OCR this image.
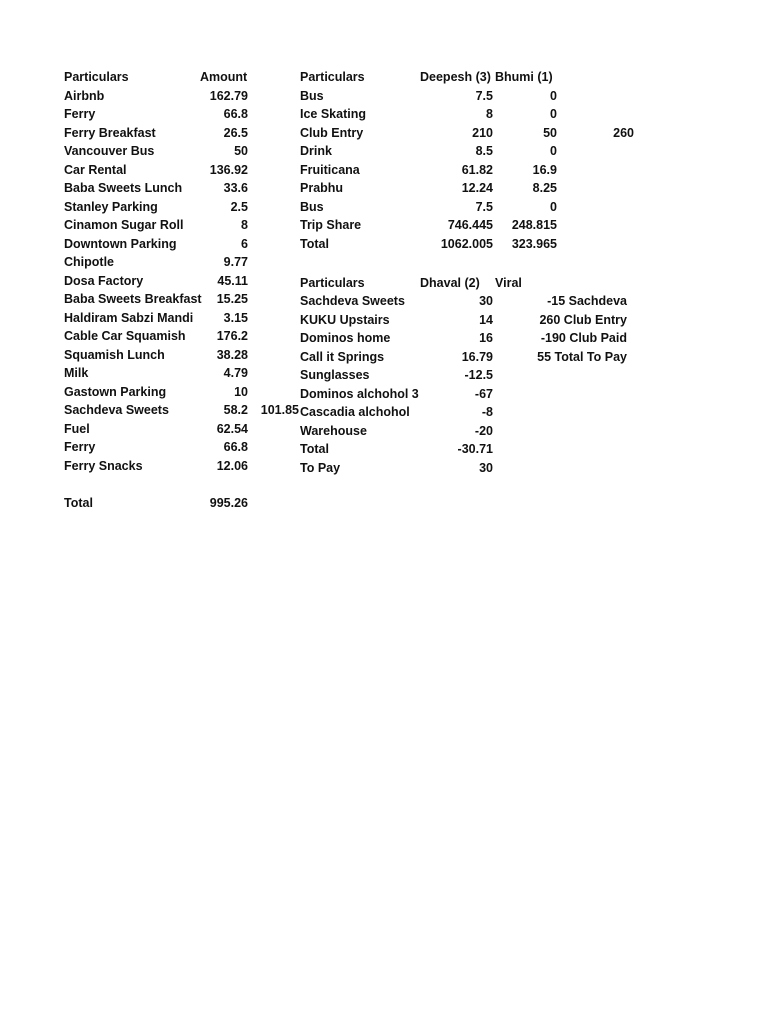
Particulars	Amount
Airbnb	162.79
Ferry	66.8
Ferry Breakfast	26.5
Vancouver Bus	50
Car Rental	136.92
Baba Sweets Lunch	33.6
Stanley Parking	2.5
Cinamon Sugar Roll	8
Downtown Parking	6
Chipotle	9.77
Dosa Factory	45.11
Baba Sweets Breakfast	15.25
Haldiram Sabzi Mandi	3.15
Cable Car Squamish	176.2
Squamish Lunch	38.28
Milk	4.79
Gastown Parking	10
Sachdeva Sweets	58.2	101.85
Fuel	62.54
Ferry	66.8
Ferry Snacks	12.06
Total	995.26
Particulars	Deepesh (3) Bhumi (1)
Bus	7.5	0
Ice Skating	8	0
Club Entry	210	50	260
Drink	8.5	0
Fruiticana	61.82	16.9
Prabhu	12.24	8.25
Bus	7.5	0
Trip Share	746.445	248.815
Total	1062.005	323.965
Particulars	Dhaval (2) Viral
Sachdeva Sweets	30	-15 Sachdeva
KUKU Upstairs	14	260 Club Entry
Dominos home	16	-190 Club Paid
Call it Springs	16.79	55 Total To Pay
Sunglasses	-12.5
Dominos alchohol 3	-67
Cascadia alchohol	-8
Warehouse	-20
Total	-30.71
To Pay	30
